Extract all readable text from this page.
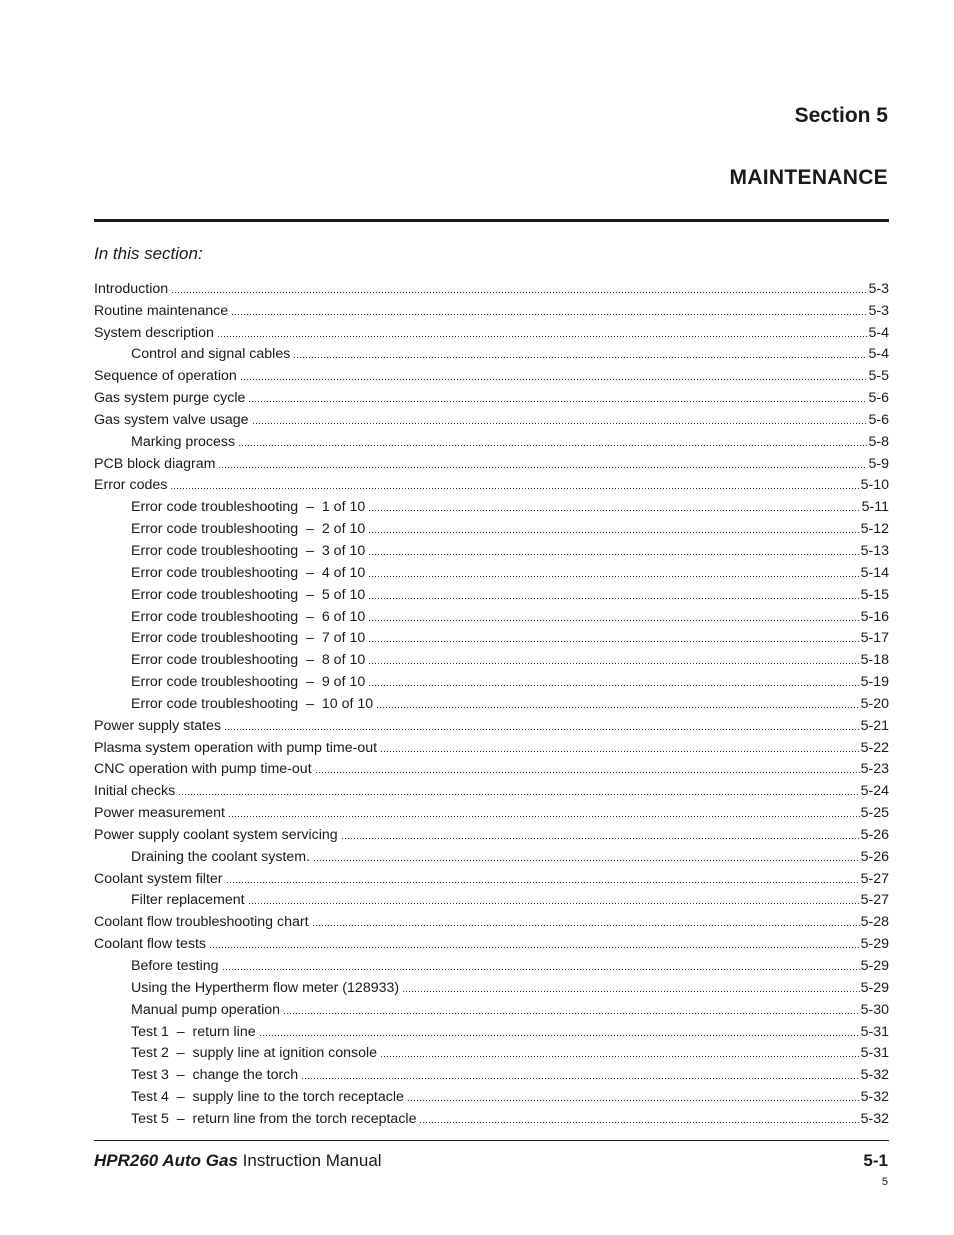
Section 5
MAINTENANCE
In this section:
Introduction	5-3
Routine maintenance	5-3
System description	5-4
Control and signal cables	5-4
Sequence of operation	5-5
Gas system purge cycle	5-6
Gas system valve usage	5-6
Marking process	5-8
PCB block diagram	5-9
Error codes	5-10
Error code troubleshooting  –  1 of 10	5-11
Error code troubleshooting  –  2 of 10	5-12
Error code troubleshooting  –  3 of 10	5-13
Error code troubleshooting  –  4 of 10	5-14
Error code troubleshooting  –  5 of 10	5-15
Error code troubleshooting  –  6 of 10	5-16
Error code troubleshooting  –  7 of 10	5-17
Error code troubleshooting  –  8 of 10	5-18
Error code troubleshooting  –  9 of 10	5-19
Error code troubleshooting  –  10 of 10	5-20
Power supply states	5-21
Plasma system operation with pump time-out	5-22
CNC operation with pump time-out	5-23
Initial checks	5-24
Power measurement	5-25
Power supply coolant system servicing	5-26
Draining the coolant system.	5-26
Coolant system filter	5-27
Filter replacement	5-27
Coolant flow troubleshooting chart	5-28
Coolant flow tests	5-29
Before testing	5-29
Using the Hypertherm flow meter (128933)	5-29
Manual pump operation	5-30
Test 1  –  return line	5-31
Test 2  –  supply line at ignition console	5-31
Test 3  –  change the torch	5-32
Test 4  –  supply line to the torch receptacle	5-32
Test 5  –  return line from the torch receptacle	5-32
HPR260 Auto Gas Instruction Manual	5-1
5
